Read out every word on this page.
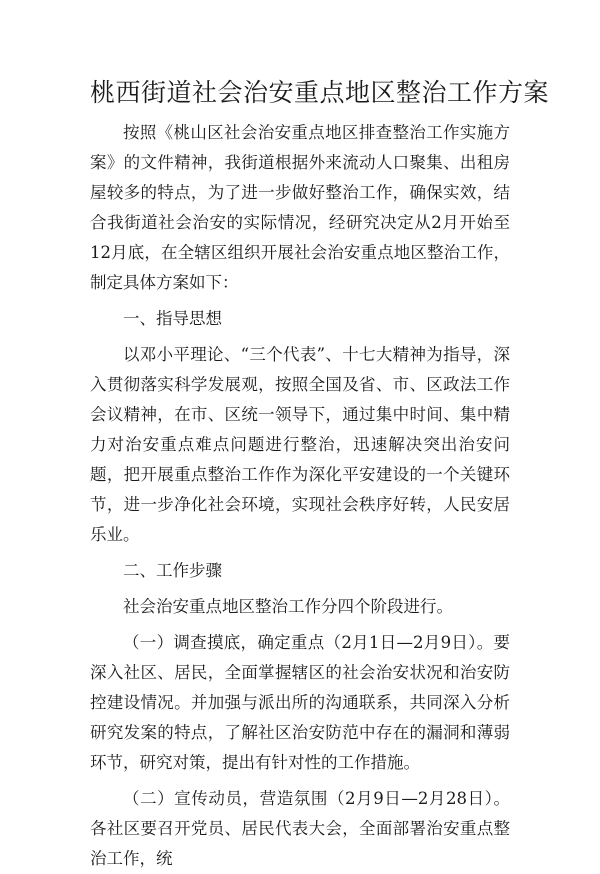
桃西街道社会治安重点地区整治工作方案

按照《桃山区社会治安重点地区排查整治工作实施方案》的文件精神，我街道根据外来流动人口聚集、出租房屋较多的特点，为了进一步做好整治工作，确保实效，结合我街道社会治安的实际情况，经研究决定从2月开始至12月底，在全辖区组织开展社会治安重点地区整治工作，制定具体方案如下：

一、指导思想

以邓小平理论、“三个代表”、十七大精神为指导，深入贯彻落实科学发展观，按照全国及省、市、区政法工作会议精神，在市、区统一领导下，通过集中时间、集中精力对治安重点难点问题进行整治，迅速解决突出治安问题，把开展重点整治工作作为深化平安建设的一个关键环节，进一步净化社会环境，实现社会秩序好转，人民安居乐业。

二、工作步骤

社会治安重点地区整治工作分四个阶段进行。

（一）调查摸底，确定重点（2月1日—2月9日）。要深入社区、居民，全面掌握辖区的社会治安状况和治安防控建设情况。并加强与派出所的沟通联系，共同深入分析研究发案的特点，了解社区治安防范中存在的漏洞和薄弱环节，研究对策，提出有针对性的工作措施。

（二）宣传动员，营造氛围（2月9日—2月28日）。各社区要召开党员、居民代表大会，全面部署治安重点整治工作，统
